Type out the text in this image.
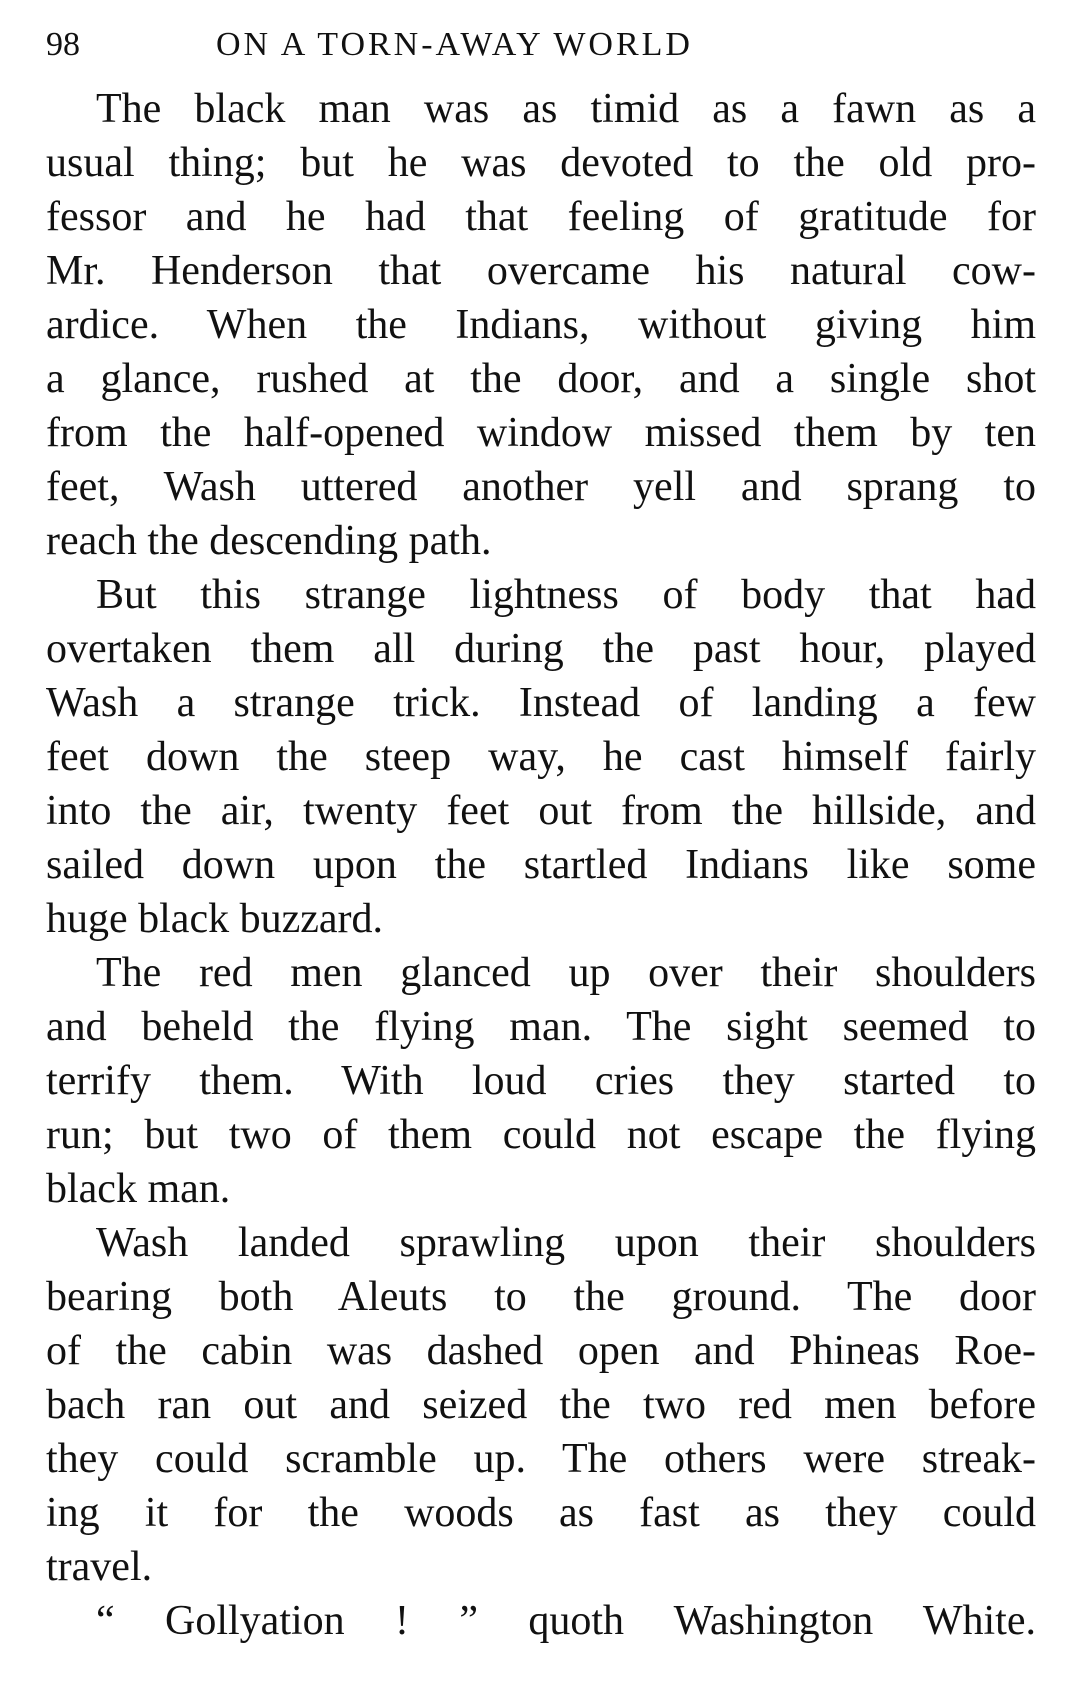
98	ON A TORN-AWAY WORLD
The black man was as timid as a fawn as a
usual thing; but he was devoted to the old pro-
fessor and he had that feeling of gratitude for
Mr. Henderson that overcame his natural cow-
ardice. When the Indians, without giving him
a glance, rushed at the door, and a single shot
from the half-opened window missed them by ten
feet, Wash uttered another yell and sprang to
reach the descending path.
But this strange lightness of body that had
overtaken them all during the past hour, played
Wash a strange trick. Instead of landing a few
feet down the steep way, he cast himself fairly
into the air, twenty feet out from the hillside, and
sailed down upon the startled Indians like some
huge black buzzard.
The red men glanced up over their shoulders
and beheld the flying man. The sight seemed to
terrify them. With loud cries they started to
run; but two of them could not escape the flying
black man.
Wash landed sprawling upon their shoulders
bearing both Aleuts to the ground. The door
of the cabin was dashed open and Phineas Roe-
bach ran out and seized the two red men before
they could scramble up. The others were streak-
ing it for the woods as fast as they could
travel.
“ Gollyation ! ” quoth Washington White.
